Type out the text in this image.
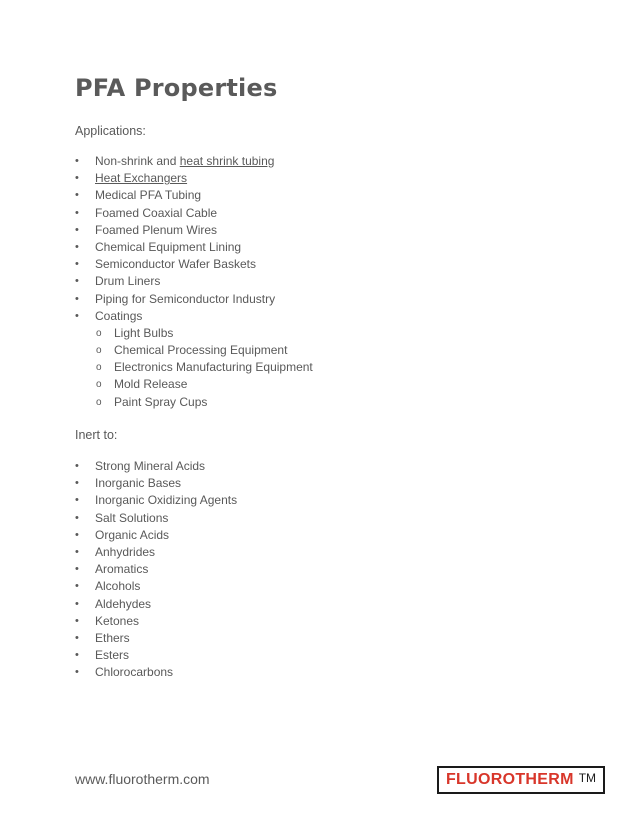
PFA Properties

Applications:

•	Non-shrink and heat shrink tubing
•	Heat Exchangers
•	Medical PFA Tubing
•	Foamed Coaxial Cable
•	Foamed Plenum Wires
•	Chemical Equipment Lining
•	Semiconductor Wafer Baskets
•	Drum Liners
•	Piping for Semiconductor Industry
•	Coatings
o	Light Bulbs
o	Chemical Processing Equipment
o	Electronics Manufacturing Equipment
o	Mold Release
o	Paint Spray Cups

Inert to:

•	Strong Mineral Acids
•	Inorganic Bases
•	Inorganic Oxidizing Agents
•	Salt Solutions
•	Organic Acids
•	Anhydrides
•	Aromatics
•	Alcohols
•	Aldehydes
•	Ketones
•	Ethers
•	Esters
•	Chlorocarbons

www.fluorotherm.com	FLUOROTHERM TM
